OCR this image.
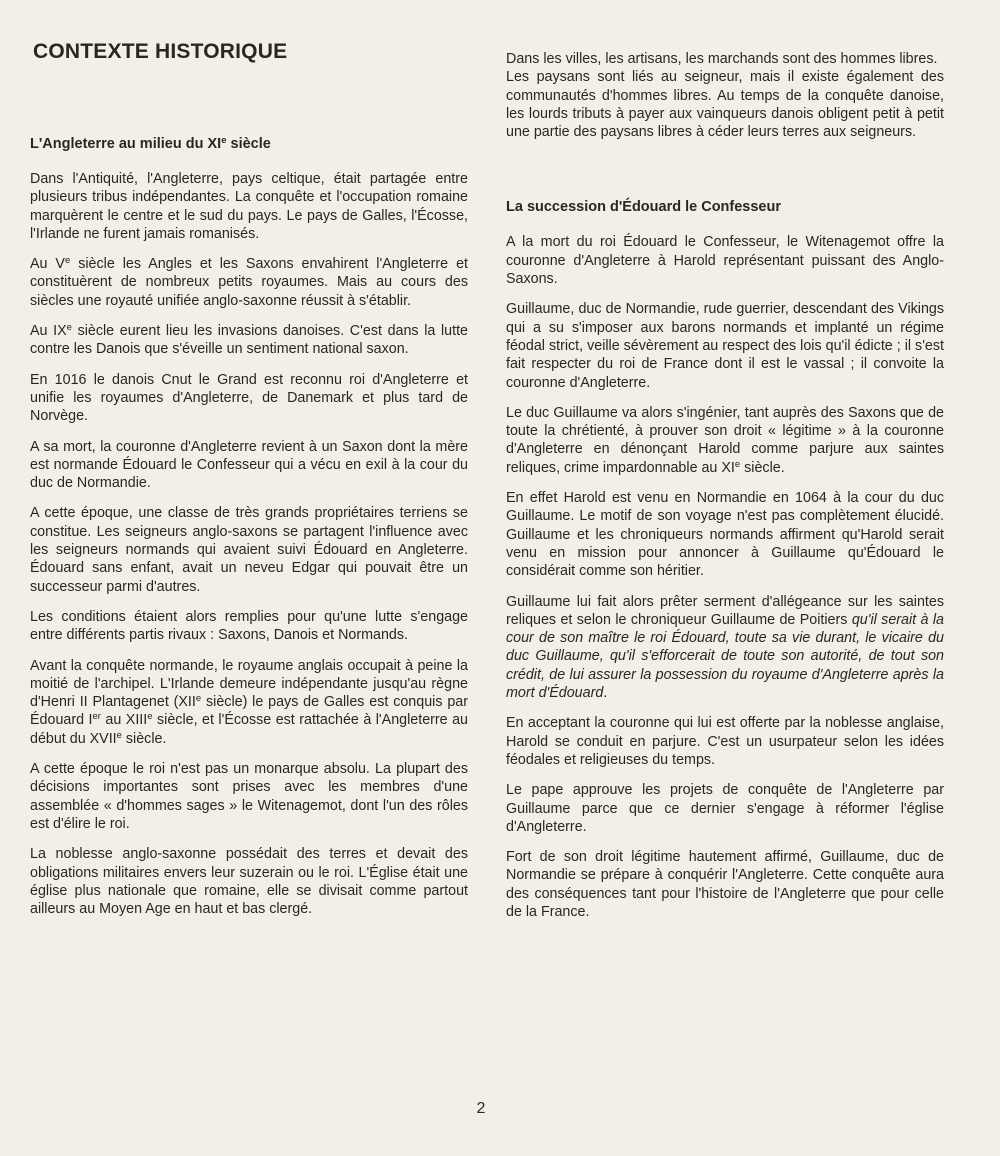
CONTEXTE HISTORIQUE
L'Angleterre au milieu du XIe siècle

Dans l'Antiquité, l'Angleterre, pays celtique, était partagée entre plusieurs tribus indépendantes. La conquête et l'occupation romaine marquèrent le centre et le sud du pays. Le pays de Galles, l'Écosse, l'Irlande ne furent jamais romanisés.

Au Ve siècle les Angles et les Saxons envahirent l'Angleterre et constituèrent de nombreux petits royaumes. Mais au cours des siècles une royauté unifiée anglo-saxonne réussit à s'établir.

Au IXe siècle eurent lieu les invasions danoises. C'est dans la lutte contre les Danois que s'éveille un sentiment national saxon.

En 1016 le danois Cnut le Grand est reconnu roi d'Angleterre et unifie les royaumes d'Angleterre, de Danemark et plus tard de Norvège.

A sa mort, la couronne d'Angleterre revient à un Saxon dont la mère est normande Édouard le Confesseur qui a vécu en exil à la cour du duc de Normandie.

A cette époque, une classe de très grands propriétaires terriens se constitue. Les seigneurs anglo-saxons se partagent l'influence avec les seigneurs normands qui avaient suivi Édouard en Angleterre. Édouard sans enfant, avait un neveu Edgar qui pouvait être un successeur parmi d'autres.

Les conditions étaient alors remplies pour qu'une lutte s'engage entre différents partis rivaux : Saxons, Danois et Normands.

Avant la conquête normande, le royaume anglais occupait à peine la moitié de l'archipel. L'Irlande demeure indépendante jusqu'au règne d'Henri II Plantagenet (XIIe siècle) le pays de Galles est conquis par Édouard Ier au XIIIe siècle, et l'Écosse est rattachée à l'Angleterre au début du XVIIe siècle.

A cette époque le roi n'est pas un monarque absolu. La plupart des décisions importantes sont prises avec les membres d'une assemblée « d'hommes sages » le Witenagemot, dont l'un des rôles est d'élire le roi.

La noblesse anglo-saxonne possédait des terres et devait des obligations militaires envers leur suzerain ou le roi. L'Église était une église plus nationale que romaine, elle se divisait comme partout ailleurs au Moyen Age en haut et bas clergé.

Dans les villes, les artisans, les marchands sont des hommes libres.

Les paysans sont liés au seigneur, mais il existe également des communautés d'hommes libres. Au temps de la conquête danoise, les lourds tributs à payer aux vainqueurs danois obligent petit à petit une partie des paysans libres à céder leurs terres aux seigneurs.

La succession d'Édouard le Confesseur

A la mort du roi Édouard le Confesseur, le Witenagemot offre la couronne d'Angleterre à Harold représentant puissant des Anglo-Saxons.

Guillaume, duc de Normandie, rude guerrier, descendant des Vikings qui a su s'imposer aux barons normands et implanté un régime féodal strict, veille sévèrement au respect des lois qu'il édicte ; il s'est fait respecter du roi de France dont il est le vassal ; il convoite la couronne d'Angleterre.

Le duc Guillaume va alors s'ingénier, tant auprès des Saxons que de toute la chrétienté, à prouver son droit « légitime » à la couronne d'Angleterre en dénonçant Harold comme parjure aux saintes reliques, crime impardonnable au XIe siècle.

En effet Harold est venu en Normandie en 1064 à la cour du duc Guillaume. Le motif de son voyage n'est pas complètement élucidé. Guillaume et les chroniqueurs normands affirment qu'Harold serait venu en mission pour annoncer à Guillaume qu'Édouard le considérait comme son héritier.

Guillaume lui fait alors prêter serment d'allégeance sur les saintes reliques et selon le chroniqueur Guillaume de Poitiers qu'il serait à la cour de son maître le roi Édouard, toute sa vie durant, le vicaire du duc Guillaume, qu'il s'efforcerait de toute son autorité, de tout son crédit, de lui assurer la possession du royaume d'Angleterre après la mort d'Édouard.

En acceptant la couronne qui lui est offerte par la noblesse anglaise, Harold se conduit en parjure. C'est un usurpateur selon les idées féodales et religieuses du temps.

Le pape approuve les projets de conquête de l'Angleterre par Guillaume parce que ce dernier s'engage à réformer l'église d'Angleterre.

Fort de son droit légitime hautement affirmé, Guillaume, duc de Normandie se prépare à conquérir l'Angleterre. Cette conquête aura des conséquences tant pour l'histoire de l'Angleterre que pour celle de la France.

2
